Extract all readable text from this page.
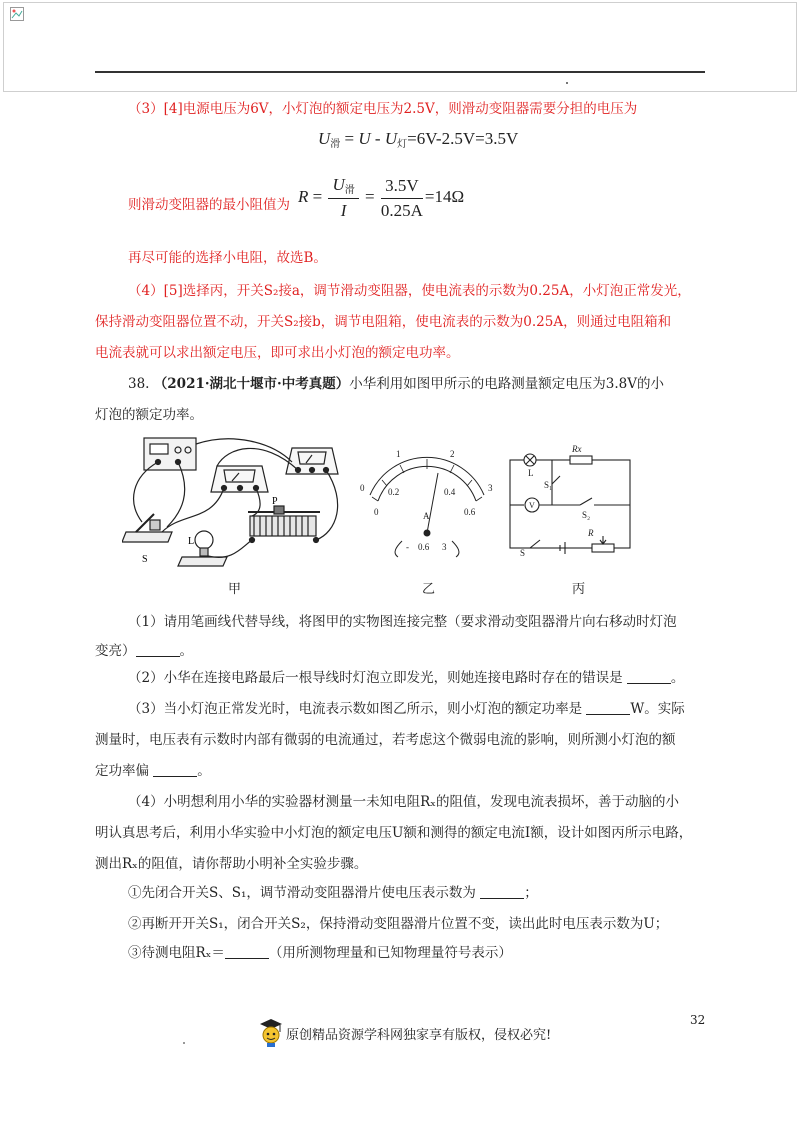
（3）[4]电源电压为6V，小灯泡的额定电压为2.5V，则滑动变阻器需要分担的电压为
$U_滑 = U - U_灯=6V-2.5V=3.5V$
则滑动变阻器的最小阻值为 $R = \frac{U_滑}{I} = \frac{3.5V}{0.25A} =14\Omega$
再尽可能的选择小电阻，故选B。
（4）[5]选择丙，开关S₂接a，调节滑动变阻器，使电流表的示数为0.25A，小灯泡正常发光，
保持滑动变阻器位置不动，开关S₂接b，调节电阻箱，使电流表的示数为0.25A，则通过电阻箱和
电流表就可以求出额定电压，即可求出小灯泡的额定电功率。
38. （2021·湖北十堰市·中考真题）小华利用如图甲所示的电路测量额定电压为3.8V的小
灯泡的额定功率。
S
L
P
甲
0
1	2
3
0
0.2	0.4
0.6
A
- 0.6 3
乙
L
Rx
S₁
V
S₂
S
R
丙
（1）请用笔画线代替导线，将图甲的实物图连接完整（要求滑动变阻器滑片向右移动时灯泡
变亮）	。
（2）小华在连接电路最后一根导线时灯泡立即发光，则她连接电路时存在的错误是	。
（3）当小灯泡正常发光时，电流表示数如图乙所示，则小灯泡的额定功率是	W。实际
测量时，电压表有示数时内部有微弱的电流通过，若考虑这个微弱电流的影响，则所测小灯泡的额
定功率偏	。
（4）小明想利用小华的实验器材测量一未知电阻Rₓ的阻值，发现电流表损坏，善于动脑的小
明认真思考后，利用小华实验中小灯泡的额定电压U额和测得的额定电流I额，设计如图丙所示电路，
测出Rₓ的阻值，请你帮助小明补全实验步骤。
①先闭合开关S、S₁，调节滑动变阻器滑片使电压表示数为	；
②再断开开关S₁，闭合开关S₂，保持滑动变阻器滑片位置不变，读出此时电压表示数为U；
③待测电阻Rₓ＝	（用所测物理量和已知物理量符号表示）
32
原创精品资源学科网独家享有版权，侵权必究!
